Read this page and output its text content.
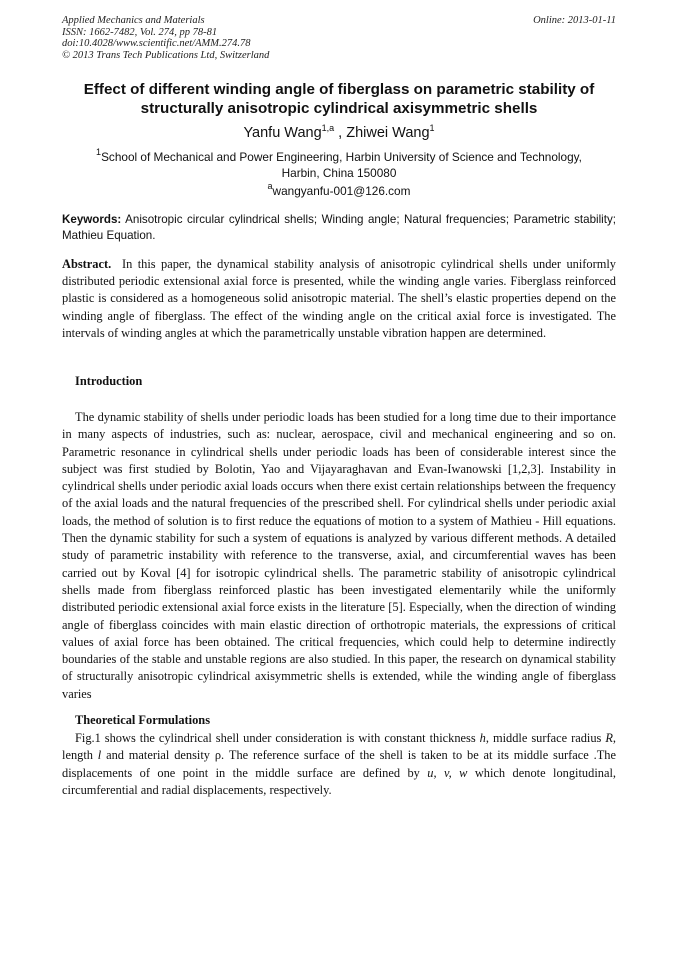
Applied Mechanics and Materials
ISSN: 1662-7482, Vol. 274, pp 78-81
doi:10.4028/www.scientific.net/AMM.274.78
© 2013 Trans Tech Publications Ltd, Switzerland
Online: 2013-01-11
Effect of different winding angle of fiberglass on parametric stability of
structurally anisotropic cylindrical axisymmetric shells
Yanfu Wang$^{1,a}$ , Zhiwei Wang$^1$
$^1$School of Mechanical and Power Engineering, Harbin University of Science and Technology,
Harbin, China 150080
$^a$wangyanfu-001@126.com
Keywords: Anisotropic circular cylindrical shells; Winding angle; Natural frequencies; Parametric stability; Mathieu Equation.
Abstract. In this paper, the dynamical stability analysis of anisotropic cylindrical shells under uniformly distributed periodic extensional axial force is presented, while the winding angle varies. Fiberglass reinforced plastic is considered as a homogeneous solid anisotropic material. The shell’s elastic properties depend on the winding angle of fiberglass. The effect of the winding angle on the critical axial force is investigated. The intervals of winding angles at which the parametrically unstable vibration happen are determined.
Introduction
The dynamic stability of shells under periodic loads has been studied for a long time due to their importance in many aspects of industries, such as: nuclear, aerospace, civil and mechanical engineering and so on. Parametric resonance in cylindrical shells under periodic loads has been of considerable interest since the subject was first studied by Bolotin, Yao and Vijayaraghavan and Evan-Iwanowski [1,2,3]. Instability in cylindrical shells under periodic axial loads occurs when there exist certain relationships between the frequency of the axial loads and the natural frequencies of the prescribed shell. For cylindrical shells under periodic axial loads, the method of solution is to first reduce the equations of motion to a system of Mathieu - Hill equations. Then the dynamic stability for such a system of equations is analyzed by various different methods. A detailed study of parametric instability with reference to the transverse, axial, and circumferential waves has been carried out by Koval [4] for isotropic cylindrical shells. The parametric stability of anisotropic cylindrical shells made from fiberglass reinforced plastic has been investigated elementarily while the uniformly distributed periodic extensional axial force exists in the literature [5]. Especially, when the direction of winding angle of fiberglass coincides with main elastic direction of orthotropic materials, the expressions of critical values of axial force has been obtained. The critical frequencies, which could help to determine indirectly boundaries of the stable and unstable regions are also studied. In this paper, the research on dynamical stability of structurally anisotropic cylindrical axisymmetric shells is extended, while the winding angle of fiberglass varies
Theoretical Formulations
Fig.1 shows the cylindrical shell under consideration is with constant thickness h, middle surface radius R, length l and material density ρ. The reference surface of the shell is taken to be at its middle surface .The displacements of one point in the middle surface are defined by u, v, w which denote longitudinal, circumferential and radial displacements, respectively.
